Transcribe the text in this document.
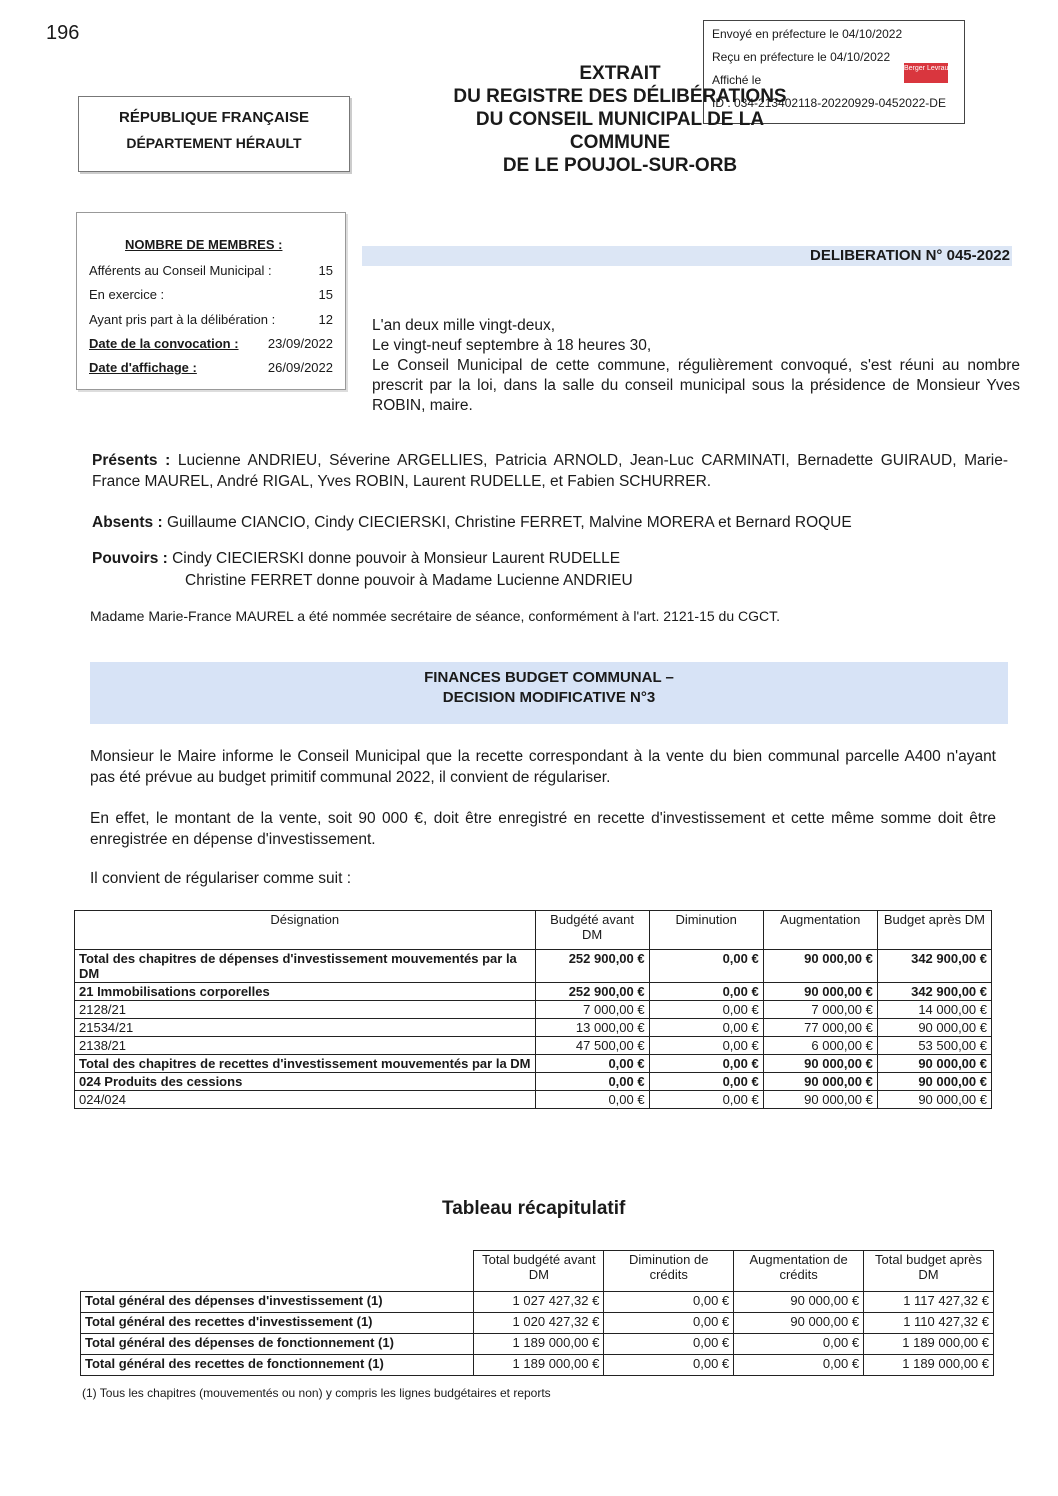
196	Envoyé en préfecture le 04/10/2022
Reçu en préfecture le 04/10/2022
Affiché le
ID : 034-213402118-20220929-0452022-DE
Berger Levrault
EXTRAIT
DU REGISTRE DES DÉLIBÉRATIONS
DU CONSEIL MUNICIPAL DE LA
COMMUNE
DE LE POUJOL-SUR-ORB
RÉPUBLIQUE FRANÇAISE
DÉPARTEMENT HÉRAULT
NOMBRE DE MEMBRES :
Afférents au Conseil Municipal :	15
En exercice :	15
Ayant pris part à la délibération :	12
Date de la convocation : 23/09/2022
Date d'affichage :	26/09/2022
DELIBERATION N° 045-2022
L'an deux mille vingt-deux,
Le vingt-neuf septembre à 18 heures 30,
Le Conseil Municipal de cette commune, régulièrement convoqué, s'est réuni au nombre prescrit par la loi, dans la salle du conseil municipal sous la présidence de Monsieur Yves ROBIN, maire.
Présents : Lucienne ANDRIEU, Séverine ARGELLIES, Patricia ARNOLD, Jean-Luc CARMINATI, Bernadette GUIRAUD, Marie-France MAUREL, André RIGAL, Yves ROBIN, Laurent RUDELLE, et Fabien SCHURRER.
Absents : Guillaume CIANCIO, Cindy CIECIERSKI, Christine FERRET, Malvine MORERA et Bernard ROQUE
Pouvoirs : Cindy CIECIERSKI donne pouvoir à Monsieur Laurent RUDELLE
Christine FERRET donne pouvoir à Madame Lucienne ANDRIEU
Madame Marie-France MAUREL a été nommée secrétaire de séance, conformément à l'art. 2121-15 du CGCT.
FINANCES BUDGET COMMUNAL –
DECISION MODIFICATIVE N°3
Monsieur le Maire informe le Conseil Municipal que la recette correspondant à la vente du bien communal parcelle A400 n'ayant pas été prévue au budget primitif communal 2022, il convient de régulariser.
En effet, le montant de la vente, soit 90 000 €, doit être enregistré en recette d'investissement et cette même somme doit être enregistrée en dépense d'investissement.
Il convient de régulariser comme suit :
Désignation	Budgété avant DM	Diminution	Augmentation	Budget après DM
Total des chapitres de dépenses d'investissement mouvementés par la DM	252 900,00 €	0,00 €	90 000,00 €	342 900,00 €
21 Immobilisations corporelles	252 900,00 €	0,00 €	90 000,00 €	342 900,00 €
2128/21	7 000,00 €	0,00 €	7 000,00 €	14 000,00 €
21534/21	13 000,00 €	0,00 €	77 000,00 €	90 000,00 €
2138/21	47 500,00 €	0,00 €	6 000,00 €	53 500,00 €
Total des chapitres de recettes d'investissement mouvementés par la DM	0,00 €	0,00 €	90 000,00 €	90 000,00 €
024 Produits des cessions	0,00 €	0,00 €	90 000,00 €	90 000,00 €
024/024	0,00 €	0,00 €	90 000,00 €	90 000,00 €
Tableau récapitulatif
	Total budgété avant DM	Diminution de crédits	Augmentation de crédits	Total budget après DM
Total général des dépenses d'investissement (1)	1 027 427,32 €	0,00 €	90 000,00 €	1 117 427,32 €
Total général des recettes d'investissement (1)	1 020 427,32 €	0,00 €	90 000,00 €	1 110 427,32 €
Total général des dépenses de fonctionnement (1)	1 189 000,00 €	0,00 €	0,00 €	1 189 000,00 €
Total général des recettes de fonctionnement (1)	1 189 000,00 €	0,00 €	0,00 €	1 189 000,00 €
(1) Tous les chapitres (mouvementés ou non) y compris les lignes budgétaires et reports
